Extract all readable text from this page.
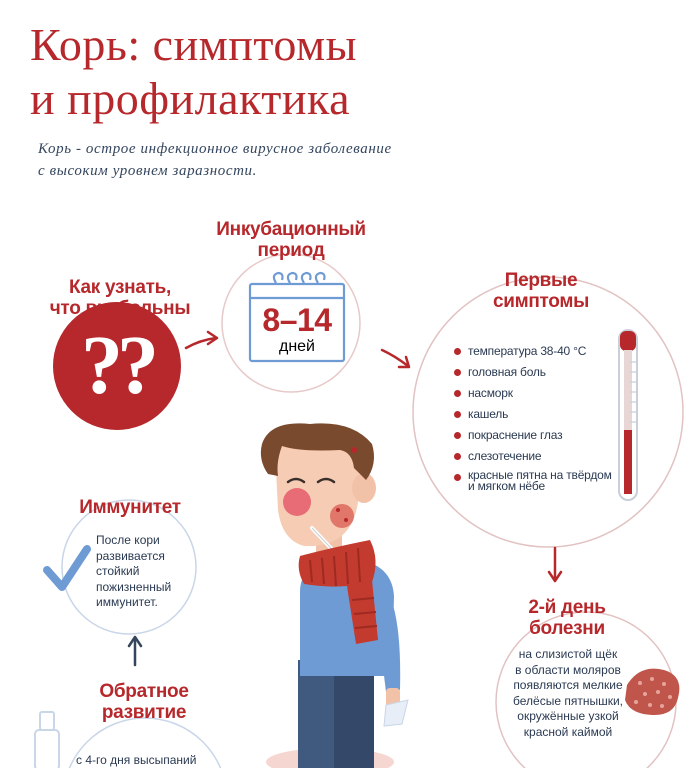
Корь: симптомы
и профилактика

Корь - острое инфекционное вирусное заболевание
с высоким уровнем заразности.

??
Как узнать,
что вы больны
Инкубационный
период
8–14
дней
Первые
симптомы
температура 38-40 °С
головная боль
насморк
кашель
покраснение глаз
слезотечение
красные пятна на твёрдом
и мягком нёбе
Иммунитет
После кори
развивается
стойкий
пожизненный
иммунитет.
Обратное
развитие
с 4-го дня высыпаний
2-й день
болезни
на слизистой щёк
в области моляров
появляются мелкие
белёсые пятнышки,
окружённые узкой
красной каймой
